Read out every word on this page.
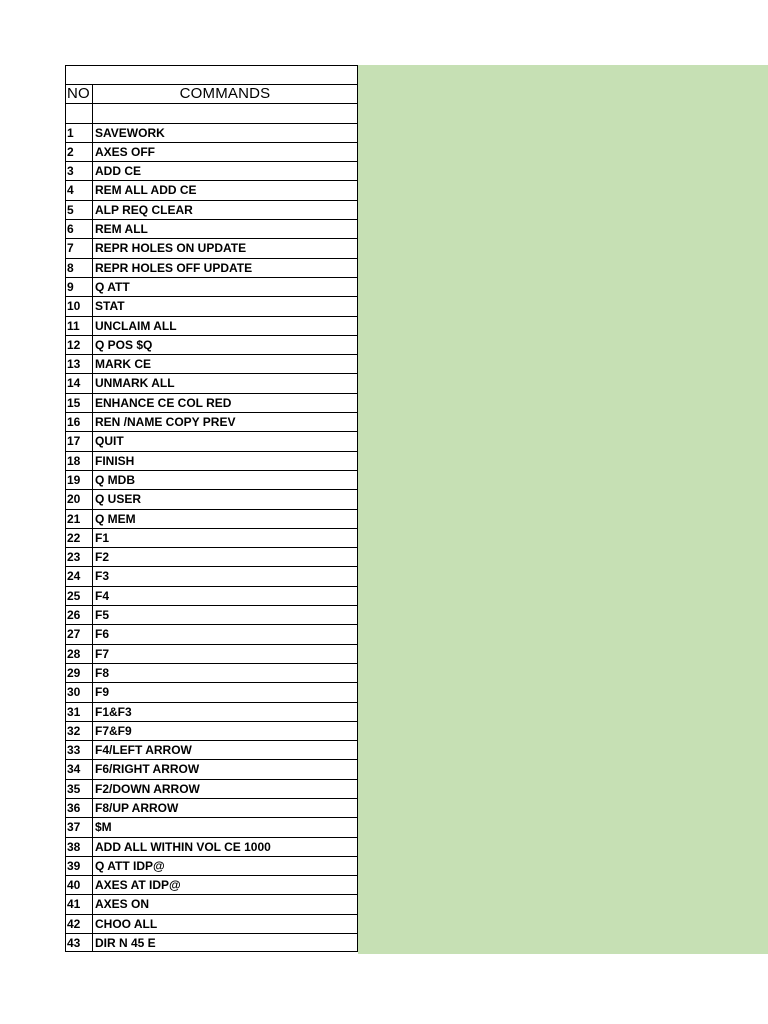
NO	COMMANDS
1	SAVEWORK
2	AXES OFF
3	ADD CE
4	REM ALL ADD CE
5	ALP REQ CLEAR
6	REM ALL
7	REPR HOLES ON UPDATE
8	REPR HOLES OFF UPDATE
9	Q ATT
10	STAT
11	UNCLAIM ALL
12	Q POS $Q
13	MARK CE
14	UNMARK ALL
15	ENHANCE CE COL RED
16	REN /NAME COPY PREV
17	QUIT
18	FINISH
19	Q MDB
20	Q USER
21	Q MEM
22	F1
23	F2
24	F3
25	F4
26	F5
27	F6
28	F7
29	F8
30	F9
31	F1&F3
32	F7&F9
33	F4/LEFT ARROW
34	F6/RIGHT ARROW
35	F2/DOWN ARROW
36	F8/UP ARROW
37	$M
38	ADD ALL WITHIN VOL CE 1000
39	Q ATT IDP@
40	AXES AT IDP@
41	AXES ON
42	CHOO ALL
43	DIR N 45 E
